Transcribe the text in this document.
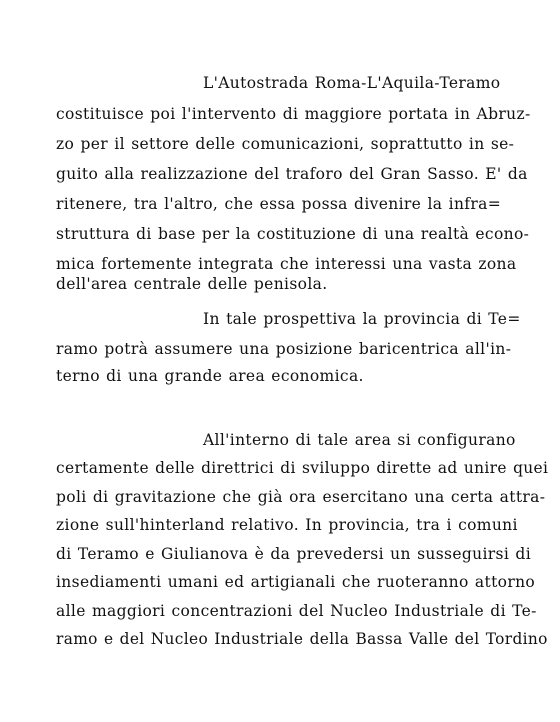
L'Autostrada Roma-L'Aquila-Teramo
costituisce poi l'intervento di maggiore portata in Abruz-
zo per il settore delle comunicazioni, soprattutto in se-
guito alla realizzazione del traforo del Gran Sasso. E' da
ritenere, tra l'altro, che essa possa divenire la infra=
struttura di base per la costituzione di una realtà econo-
mica fortemente integrata che interessi una vasta zona
dell'area centrale delle penisola.
In tale prospettiva la provincia di Te=
ramo potrà assumere una posizione baricentrica all'in-
terno di una grande area economica.
All'interno di tale area si configurano
certamente delle direttrici di sviluppo dirette ad unire quei
poli di gravitazione che già ora esercitano una certa attra-
zione sull'hinterland relativo. In provincia, tra i comuni
di Teramo e Giulianova è da prevedersi un susseguirsi di
insediamenti umani ed artigianali che ruoteranno attorno
alle maggiori concentrazioni del Nucleo Industriale di Te-
ramo e del Nucleo Industriale della Bassa Valle del Tordino
